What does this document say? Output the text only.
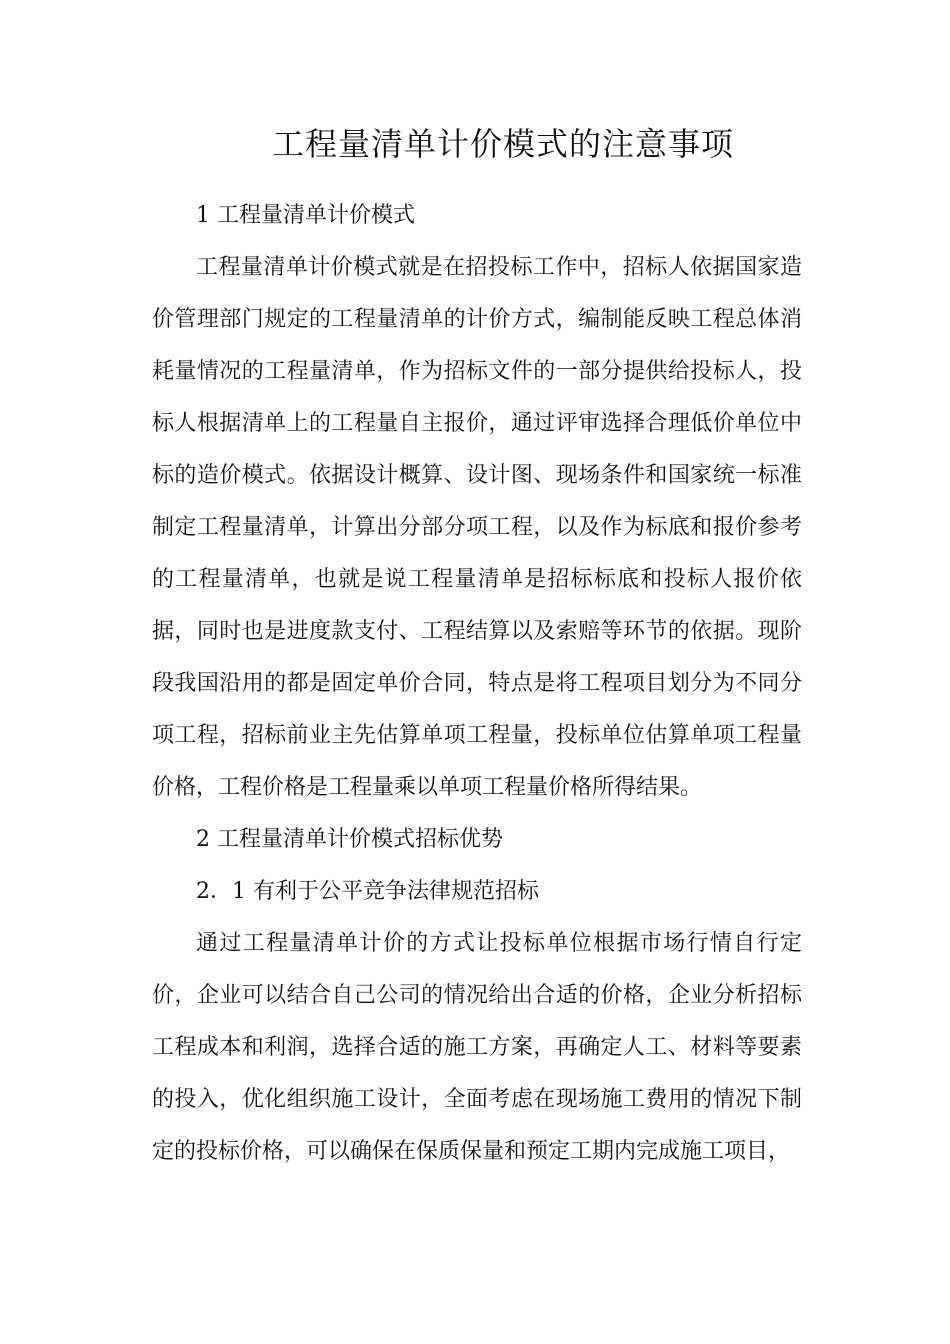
工程量清单计价模式的注意事项

1 工程量清单计价模式

工程量清单计价模式就是在招投标工作中，招标人依据国家造价管理部门规定的工程量清单的计价方式，编制能反映工程总体消耗量情况的工程量清单，作为招标文件的一部分提供给投标人，投标人根据清单上的工程量自主报价，通过评审选择合理低价单位中标的造价模式。依据设计概算、设计图、现场条件和国家统一标准制定工程量清单，计算出分部分项工程，以及作为标底和报价参考的工程量清单，也就是说工程量清单是招标标底和投标人报价依据，同时也是进度款支付、工程结算以及索赔等环节的依据。现阶段我国沿用的都是固定单价合同，特点是将工程项目划分为不同分项工程，招标前业主先估算单项工程量，投标单位估算单项工程量价格，工程价格是工程量乘以单项工程量价格所得结果。

2 工程量清单计价模式招标优势

2．1 有利于公平竞争法律规范招标

通过工程量清单计价的方式让投标单位根据市场行情自行定价，企业可以结合自己公司的情况给出合适的价格，企业分析招标工程成本和利润，选择合适的施工方案，再确定人工、材料等要素的投入，优化组织施工设计，全面考虑在现场施工费用的情况下制定的投标价格，可以确保在保质保量和预定工期内完成施工项目，
